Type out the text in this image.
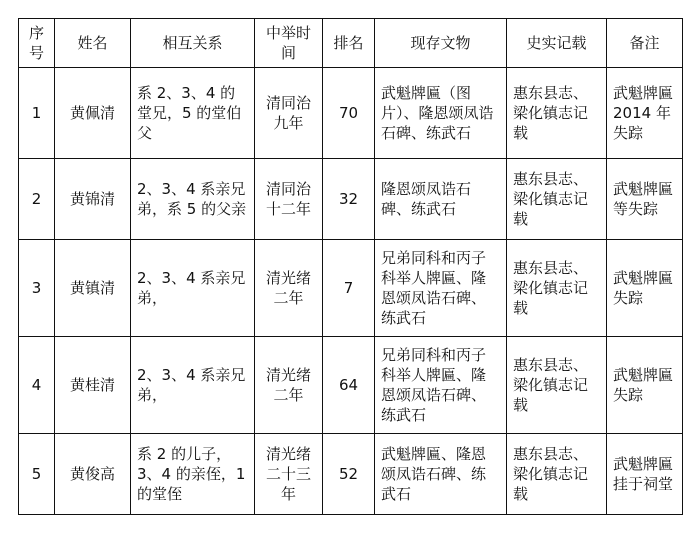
序号	姓名	相互关系	中举时间	排名	现存文物	史实记载	备注
1	黄佩清	系 2、3、4 的堂兄，5 的堂伯父	清同治九年	70	武魁牌匾（图片）、隆恩颂凤诰石碑、练武石	惠东县志、梁化镇志记载	武魁牌匾 2014 年失踪
2	黄锦清	2、3、4 系亲兄弟，系 5 的父亲	清同治十二年	32	隆恩颂凤诰石碑、练武石	惠东县志、梁化镇志记载	武魁牌匾等失踪
3	黄镇清	2、3、4 系亲兄弟，	清光绪二年	7	兄弟同科和丙子科举人牌匾、隆恩颂凤诰石碑、练武石	惠东县志、梁化镇志记载	武魁牌匾失踪
4	黄桂清	2、3、4 系亲兄弟，	清光绪二年	64	兄弟同科和丙子科举人牌匾、隆恩颂凤诰石碑、练武石	惠东县志、梁化镇志记载	武魁牌匾失踪
5	黄俊高	系 2 的儿子，3、4 的亲侄，1 的堂侄	清光绪二十三年	52	武魁牌匾、隆恩颂凤诰石碑、练武石	惠东县志、梁化镇志记载	武魁牌匾挂于祠堂
